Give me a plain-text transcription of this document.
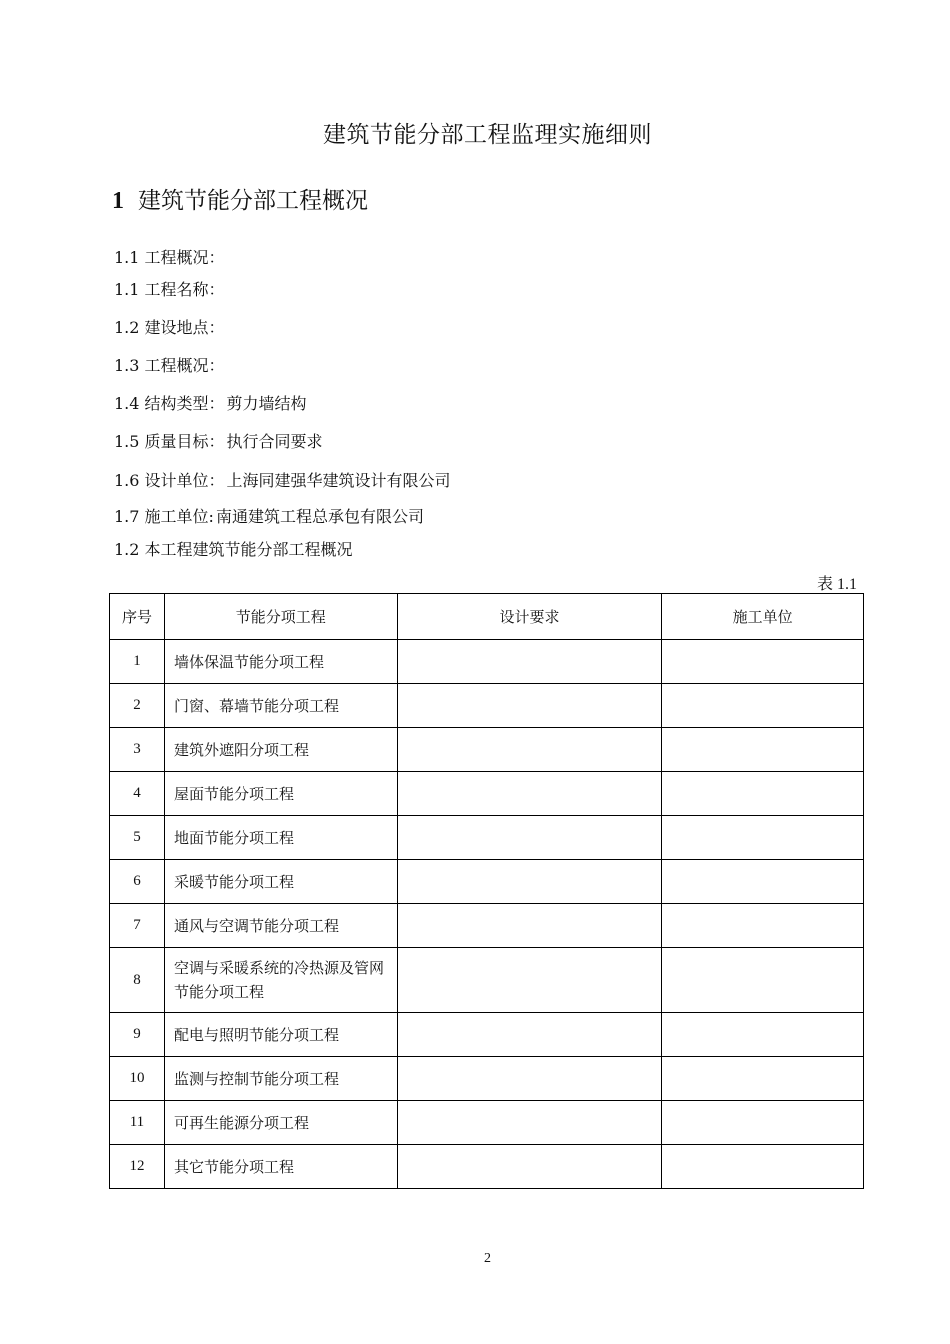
建筑节能分部工程监理实施细则
1 建筑节能分部工程概况
1.1 工程概况：
1.1 工程名称：
1.2 建设地点：
1.3 工程概况：
1.4 结构类型： 剪力墙结构
1.5 质量目标： 执行合同要求
1.6 设计单位： 上海同建强华建筑设计有限公司
1.7 施工单位: 南通建筑工程总承包有限公司
1.2 本工程建筑节能分部工程概况
表 1.1
序号	节能分项工程	设计要求	施工单位
1	墙体保温节能分项工程		
2	门窗、幕墙节能分项工程		
3	建筑外遮阳分项工程		
4	屋面节能分项工程		
5	地面节能分项工程		
6	采暖节能分项工程		
7	通风与空调节能分项工程		
8	空调与采暖系统的冷热源及管网节能分项工程		
9	配电与照明节能分项工程		
10	监测与控制节能分项工程		
11	可再生能源分项工程		
12	其它节能分项工程		
2
